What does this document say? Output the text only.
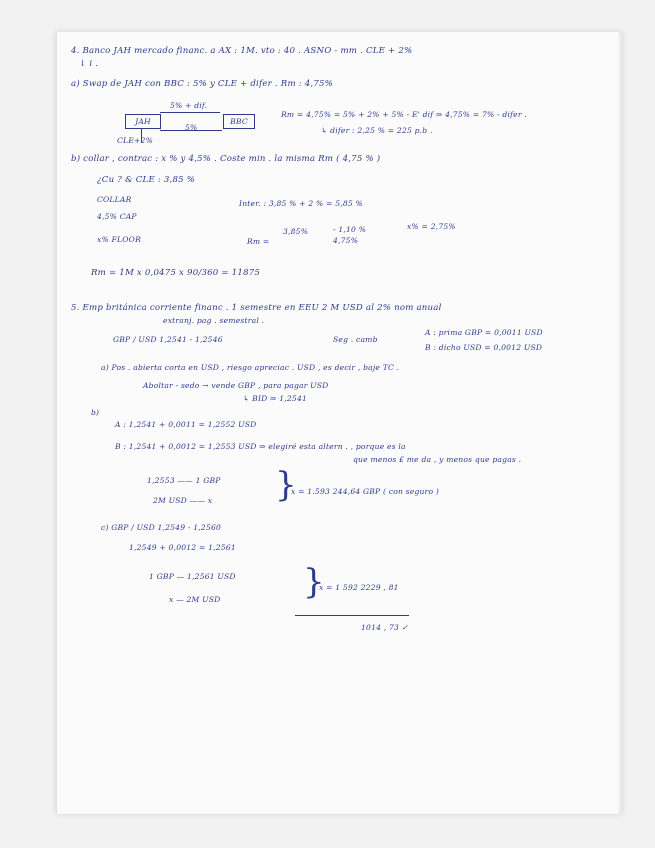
4. Banco JAH mercado financ. a AX : 1M. vto : 40 . ASNO - mm . CLE + 2%
↓ i .
a) Swap de JAH con BBC : 5% y CLE + difer . Rm : 4,75%
5% + dif.
JAH	BBC
5%
CLE+2%
Rm = 4,75% = 5% + 2% + 5% - E' dif ⇒ 4,75% = 7% - difer .
↳ difer : 2,25 % = 225 p.b .
b) collar , contrac : x % y 4,5% . Coste min . la misma Rm ( 4,75 % )
¿Cu ? & CLE : 3,85 %
COLLAR
4,5% CAP
x% FLOOR	Rm =
Inter. : 3,85 % + 2 % = 5,85 %
3,85%	- 1,10 %
4,75%
x% = 2,75%
Rm = 1M x 0,0475 x 90/360 = 11875
5. Emp británica corriente financ . 1 semestre en EEU 2 M USD al 2% nom anual
extranj. pag . semestral .
GBP / USD 1,2541 - 1,2546	Seg . camb
A : prima GBP = 0,0011 USD
B : dicho USD = 0,0012 USD
a) Pos . abierta corta en USD , riesgo apreciac . USD , es decir , baje TC .
Aboltar - sedo → vende GBP , para pagar USD
↳ BID ⇒ 1,2541
b)
A : 1,2541 + 0,0011 = 1,2552 USD
B : 1,2541 + 0,0012 = 1,2553 USD ⇒ elegiré esta altern . , porque es la
que menos £ me da , y menos que pagas .
1,2553 —— 1 GBP
2M USD —— x }
x = 1.593 244,64 GBP ( con seguro )
c) GBP / USD 1,2549 - 1,2560
1,2549 + 0,0012 = 1,2561
1 GBP — 1,2561 USD
x — 2M USD }
x = 1 592 2229 , 81
1014 , 73 ✓
